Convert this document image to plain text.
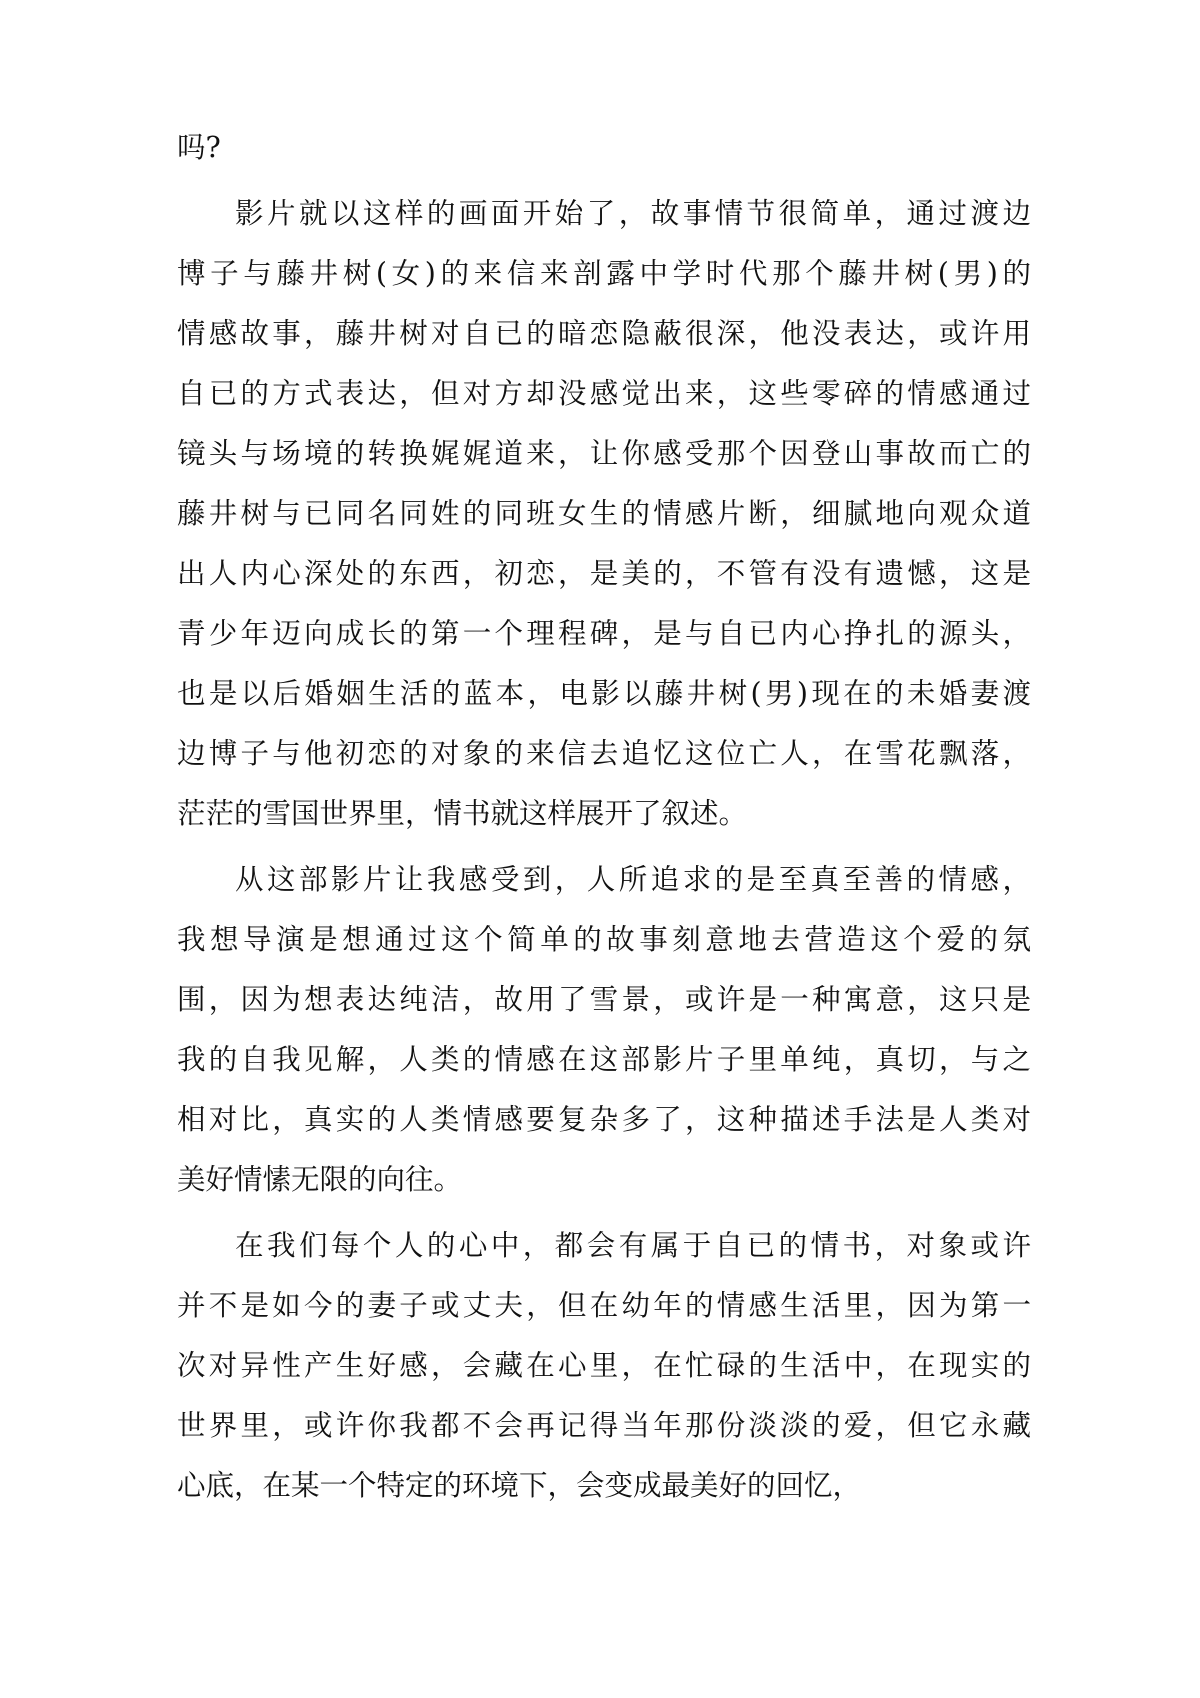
吗?
影片就以这样的画面开始了，故事情节很简单，通过渡边
博子与藤井树(女)的来信来剖露中学时代那个藤井树(男)的
情感故事，藤井树对自已的暗恋隐蔽很深，他没表达，或许用
自已的方式表达，但对方却没感觉出来，这些零碎的情感通过
镜头与场境的转换娓娓道来，让你感受那个因登山事故而亡的
藤井树与已同名同姓的同班女生的情感片断，细腻地向观众道
出人内心深处的东西，初恋，是美的，不管有没有遗憾，这是
青少年迈向成长的第一个理程碑，是与自已内心挣扎的源头，
也是以后婚姻生活的蓝本，电影以藤井树(男)现在的未婚妻渡
边博子与他初恋的对象的来信去追忆这位亡人，在雪花飘落，
茫茫的雪国世界里，情书就这样展开了叙述。
从这部影片让我感受到，人所追求的是至真至善的情感，
我想导演是想通过这个简单的故事刻意地去营造这个爱的氛
围，因为想表达纯洁，故用了雪景，或许是一种寓意，这只是
我的自我见解，人类的情感在这部影片子里单纯，真切，与之
相对比，真实的人类情感要复杂多了，这种描述手法是人类对
美好情愫无限的向往。
在我们每个人的心中，都会有属于自已的情书，对象或许
并不是如今的妻子或丈夫，但在幼年的情感生活里，因为第一
次对异性产生好感，会藏在心里，在忙碌的生活中，在现实的
世界里，或许你我都不会再记得当年那份淡淡的爱，但它永藏
心底，在某一个特定的环境下，会变成最美好的回忆，
